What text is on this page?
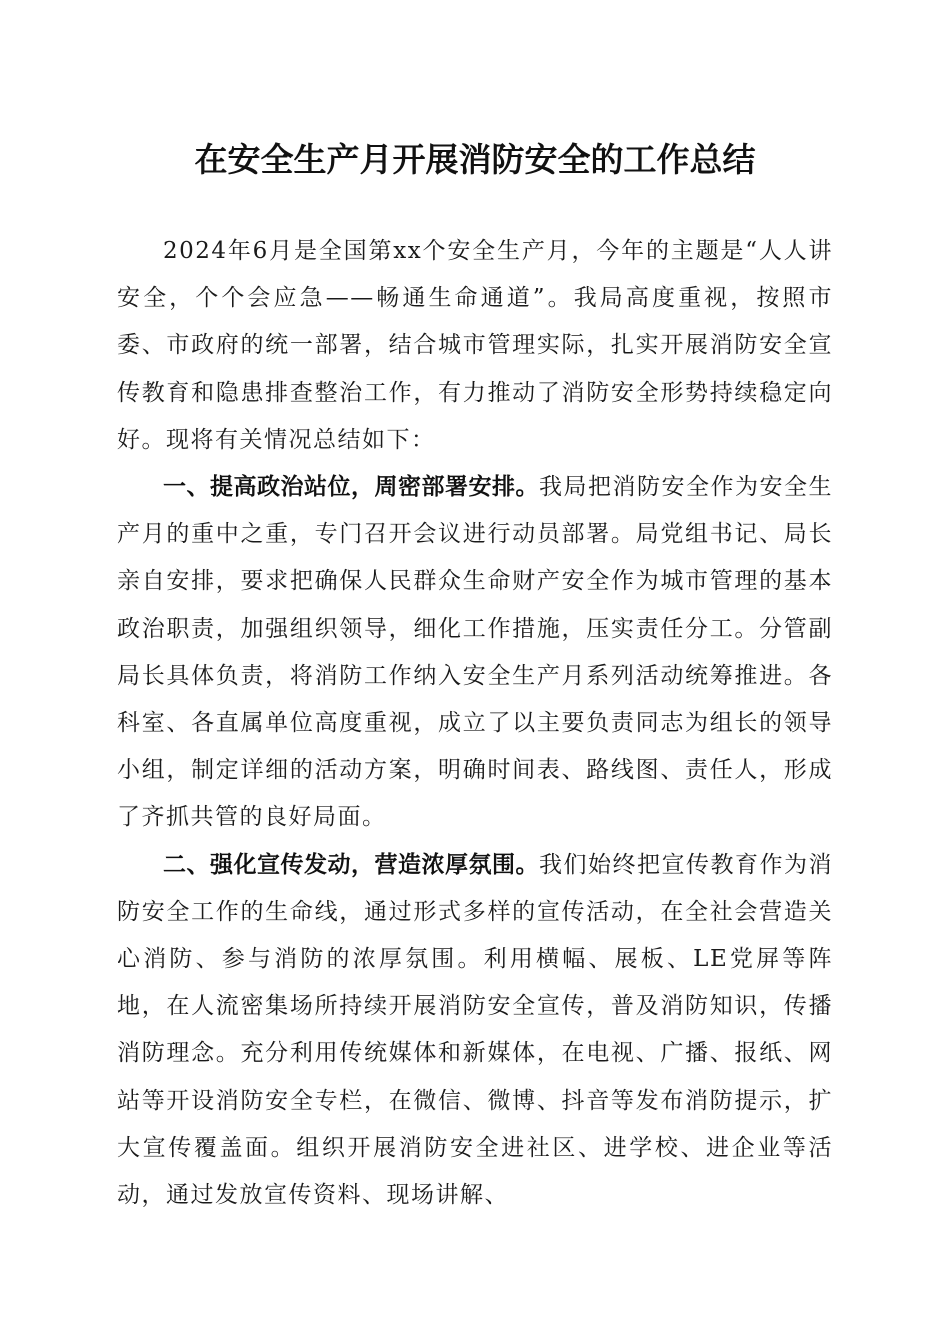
在安全生产月开展消防安全的工作总结

2024年6月是全国第xx个安全生产月，今年的主题是“人人讲安全，个个会应急——畅通生命通道”。我局高度重视，按照市委、市政府的统一部署，结合城市管理实际，扎实开展消防安全宣传教育和隐患排查整治工作，有力推动了消防安全形势持续稳定向好。现将有关情况总结如下：

一、提高政治站位，周密部署安排。我局把消防安全作为安全生产月的重中之重，专门召开会议进行动员部署。局党组书记、局长亲自安排，要求把确保人民群众生命财产安全作为城市管理的基本政治职责，加强组织领导，细化工作措施，压实责任分工。分管副局长具体负责，将消防工作纳入安全生产月系列活动统筹推进。各科室、各直属单位高度重视，成立了以主要负责同志为组长的领导小组，制定详细的活动方案，明确时间表、路线图、责任人，形成了齐抓共管的良好局面。

二、强化宣传发动，营造浓厚氛围。我们始终把宣传教育作为消防安全工作的生命线，通过形式多样的宣传活动，在全社会营造关心消防、参与消防的浓厚氛围。利用横幅、展板、LE党屏等阵地，在人流密集场所持续开展消防安全宣传，普及消防知识，传播消防理念。充分利用传统媒体和新媒体，在电视、广播、报纸、网站等开设消防安全专栏，在微信、微博、抖音等发布消防提示，扩大宣传覆盖面。组织开展消防安全进社区、进学校、进企业等活动，通过发放宣传资料、现场讲解、
